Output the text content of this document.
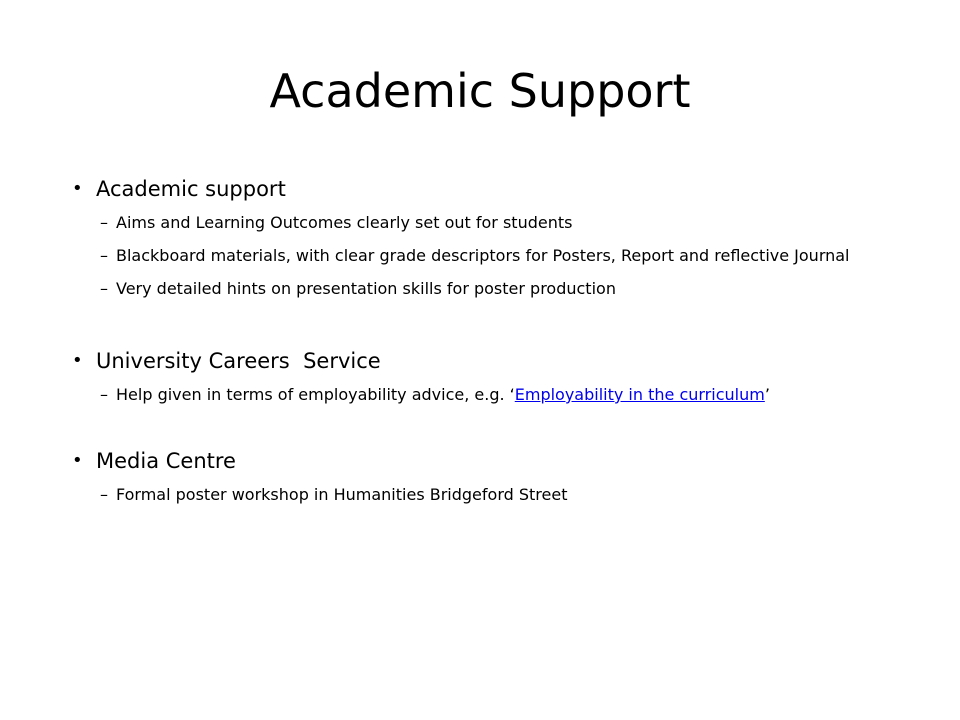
Academic Support
• Academic support
– Aims and Learning Outcomes clearly set out for students
– Blackboard materials, with clear grade descriptors for Posters, Report and reflective Journal
– Very detailed hints on presentation skills for poster production
• University Careers  Service
– Help given in terms of employability advice, e.g. ‘Employability in the curriculum’
• Media Centre
– Formal poster workshop in Humanities Bridgeford Street
